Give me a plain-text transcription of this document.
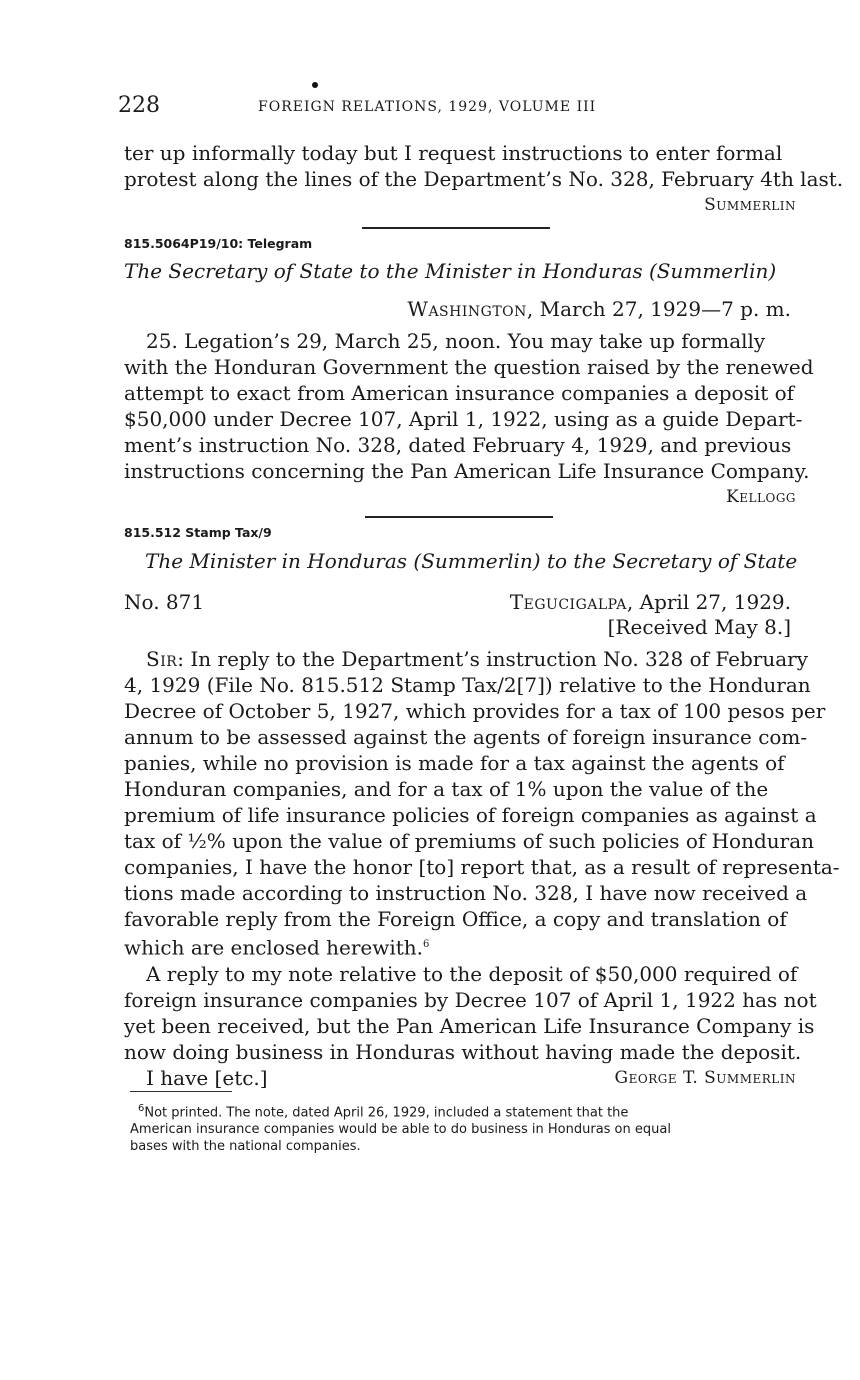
228	FOREIGN RELATIONS, 1929, VOLUME III
ter up informally today but I request instructions to enter formal
protest along the lines of the Department’s No. 328, February 4th last.
Summerlin
815.5064P19/10: Telegram
The Secretary of State to the Minister in Honduras (Summerlin)
Washington, March 27, 1929—7 p. m.
25. Legation’s 29, March 25, noon. You may take up formally
with the Honduran Government the question raised by the renewed
attempt to exact from American insurance companies a deposit of
$50,000 under Decree 107, April 1, 1922, using as a guide Depart-
ment’s instruction No. 328, dated February 4, 1929, and previous
instructions concerning the Pan American Life Insurance Company.
Kellogg
815.512 Stamp Tax/9
The Minister in Honduras (Summerlin) to the Secretary of State
No. 871	Tegucigalpa, April 27, 1929.
[Received May 8.]
Sir: In reply to the Department’s instruction No. 328 of February
4, 1929 (File No. 815.512 Stamp Tax/2[7]) relative to the Honduran
Decree of October 5, 1927, which provides for a tax of 100 pesos per
annum to be assessed against the agents of foreign insurance com-
panies, while no provision is made for a tax against the agents of
Honduran companies, and for a tax of 1% upon the value of the
premium of life insurance policies of foreign companies as against a
tax of ½% upon the value of premiums of such policies of Honduran
companies, I have the honor [to] report that, as a result of representa-
tions made according to instruction No. 328, I have now received a
favorable reply from the Foreign Office, a copy and translation of
which are enclosed herewith.$^6$
A reply to my note relative to the deposit of $50,000 required of
foreign insurance companies by Decree 107 of April 1, 1922 has not
yet been received, but the Pan American Life Insurance Company is
now doing business in Honduras without having made the deposit.
I have [etc.]	George T. Summerlin
$^6$Not printed. The note, dated April 26, 1929, included a statement that the
American insurance companies would be able to do business in Honduras on equal
bases with the national companies.
